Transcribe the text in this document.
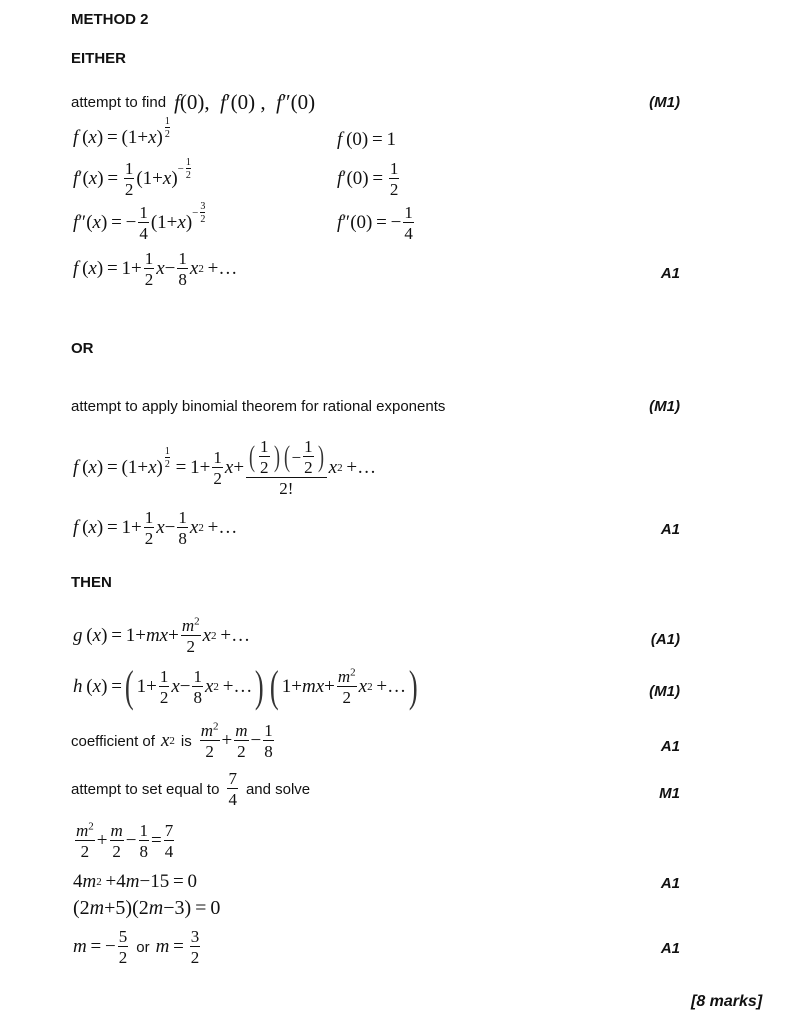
METHOD 2
EITHER
attempt to find f (0), f ′(0) , f ″(0)	(M1)
f  ( x ) = (1+ x ) $\frac{1}{2}$	f  (0) = 1
f ′( x ) =  $\frac{1}{2} (1+ x$ ) − $\frac{1}{2}$	f $'(0) = \frac{1}{2}$
f ″( x ) = − $\frac{1}{4} (1+ x$ ) − $\frac{3}{2}$	f ″(0) = − $\frac{1}{4}$
f  ( x ) = $1+ \frac{1}{2}$ $x - \frac{1}{8}$ x 2  +…	A1
OR
attempt to apply binomial theorem for rational exponents	(M1)
f  ( x ) = (1+ x ) $\frac{1}{2} = 1+ \frac{1}{2}$ $x + \frac{( \frac{1}{2} ) ( - \frac{1}{2} )}{2!}$ x 2  +…
f  ( x ) = $1+ \frac{1}{2}$ $x - \frac{1}{8}$ x 2  +…	A1
THEN
g  ( x ) = 1+ mx + $\frac{m^2}{2}$ x 2  +…	(A1)
h  ( x ) = ( $1+ \frac{1}{2}$ $x - \frac{1}{8}$ x 2  +… ) ( 1+ mx + $\frac{m^2}{2}$ x 2  +… )	(M1)
coefficient of x 2 is $\frac{m^2}{2} + \frac{m}{2} - \frac{1}{8}$	A1
attempt to set equal to $\frac{7}{4}$ and solve	M1
$\frac{m^2}{2} + \frac{m}{2} - \frac{1}{8} = \frac{7}{4}$
4 m 2  +4 m −15 = 0	A1
(2 m +5)(2 m −3) = 0
m  = − $\frac{5}{2}$ or $m = \frac{3}{2}$	A1
[8 marks]
